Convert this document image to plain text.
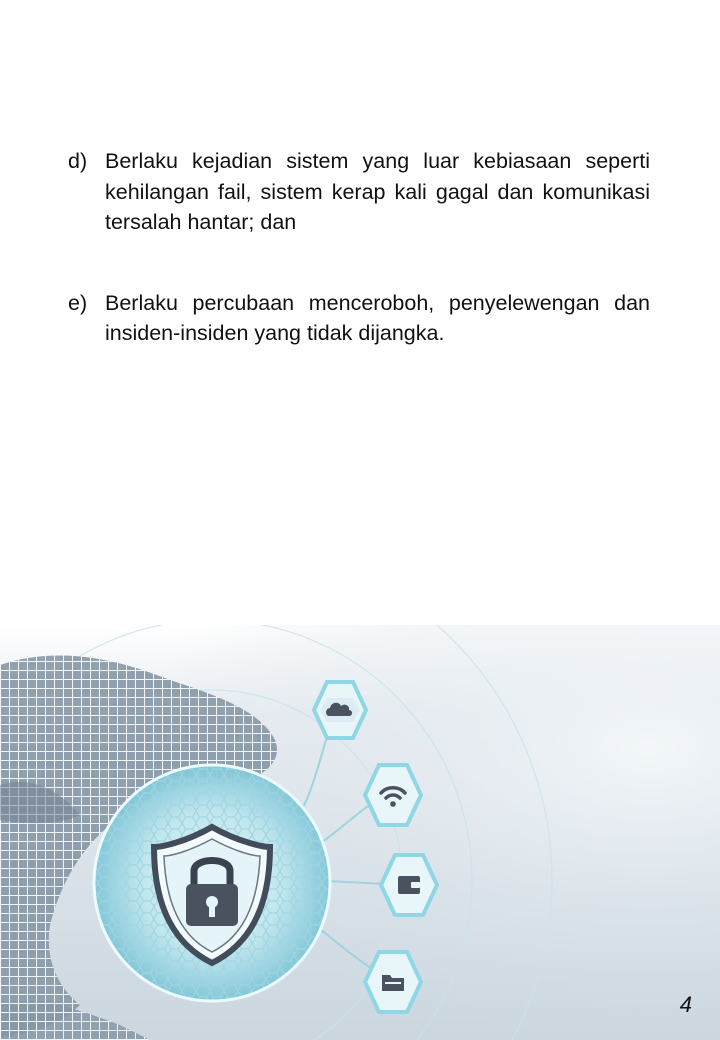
d) Berlaku kejadian sistem yang luar kebiasaan seperti kehilangan fail, sistem kerap kali gagal dan komunikasi tersalah hantar; dan
e) Berlaku percubaan menceroboh, penyelewengan dan insiden-insiden yang tidak dijangka.
4
